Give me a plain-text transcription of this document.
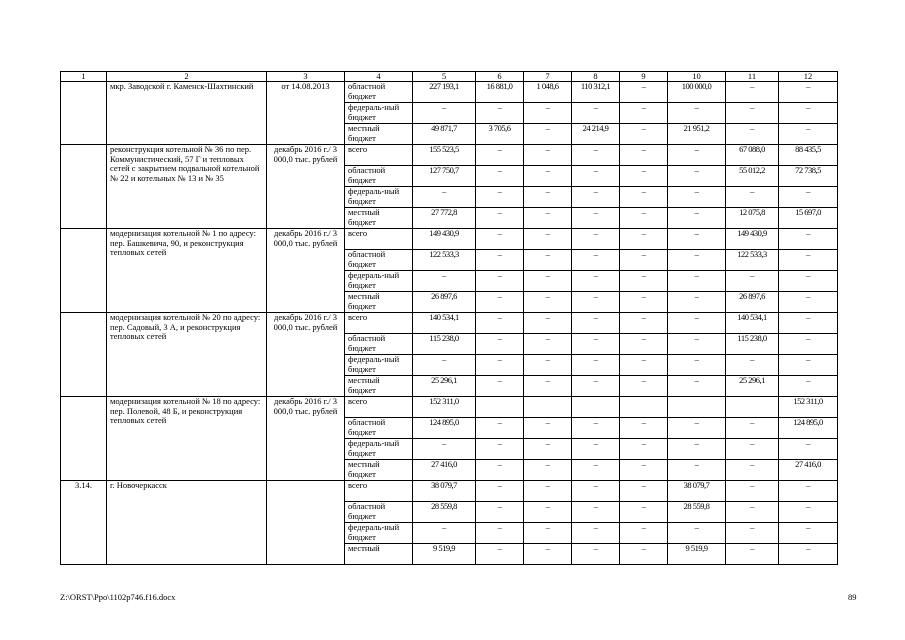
1	2	3	4	5	6	7	8	9	10	11	12
	мкр. Заводской г. Каменск-Шахтинский	от 14.08.2013	областной бюджет	227 193,1	16 881,0	1 048,6	110 312,1	–	100 000,0	–	–
			федераль-ный бюджет	–	–	–	–	–	–	–	–
			местный бюджет	49 871,7	3 705,6	–	24 214,9	–	21 951,2	–	–
	реконструкция котельной № 36 по пер. Коммунистический, 57 Г и тепловых сетей с закрытием подвальной котельной № 22 и котельных № 13 и № 35	декабрь 2016 г./ 3 000,0 тыс. рублей	всего	155 523,5	–	–	–	–	–	67 088,0	88 435,5
			областной бюджет	127 750,7	–	–	–	–	–	55 012,2	72 738,5
			федераль-ный бюджет	–	–	–	–	–	–	–	–
			местный бюджет	27 772,8	–	–	–	–	–	12 075,8	15 697,0
	модернизация котельной № 1 по адресу: пер. Башкевича, 90, и реконструкция тепловых сетей	декабрь 2016 г./ 3 000,0 тыс. рублей	всего	149 430,9	–	–	–	–	–	149 430,9	–
			областной бюджет	122 533,3	–	–	–	–	–	122 533,3	–
			федераль-ный бюджет	–	–	–	–	–	–	–	–
			местный бюджет	26 897,6	–	–	–	–	–	26 897,6	–
	модернизация котельной № 20 по адресу: пер. Садовый, 3 А, и реконструкция тепловых сетей	декабрь 2016 г./ 3 000,0 тыс. рублей	всего	140 534,1	–	–	–	–	–	140 534,1	–
			областной бюджет	115 238,0	–	–	–	–	–	115 238,0	–
			федераль-ный бюджет	–	–	–	–	–	–	–	–
			местный бюджет	25 296,1	–	–	–	–	–	25 296,1	–
	модернизация котельной № 18 по адресу: пер. Полевой, 48 Б, и реконструкция тепловых сетей	декабрь 2016 г./ 3 000,0 тыс. рублей	всего	152 311,0							152 311,0
			областной бюджет	124 895,0	–	–	–	–	–	–	124 895,0
			федераль-ный бюджет	–	–	–	–	–	–	–	–
			местный бюджет	27 416,0	–	–	–	–	–	–	27 416,0
3.14.	г. Новочеркасск		всего	38 079,7	–	–	–	–	38 079,7	–	–
			областной бюджет	28 559,8	–	–	–	–	28 559,8	–	–
			федераль-ный бюджет	–	–	–	–	–	–	–	–
			местный	9 519,9	–	–	–	–	9 519,9	–	–
Z:\ORST\Ppo\1102p746.f16.docx	89
